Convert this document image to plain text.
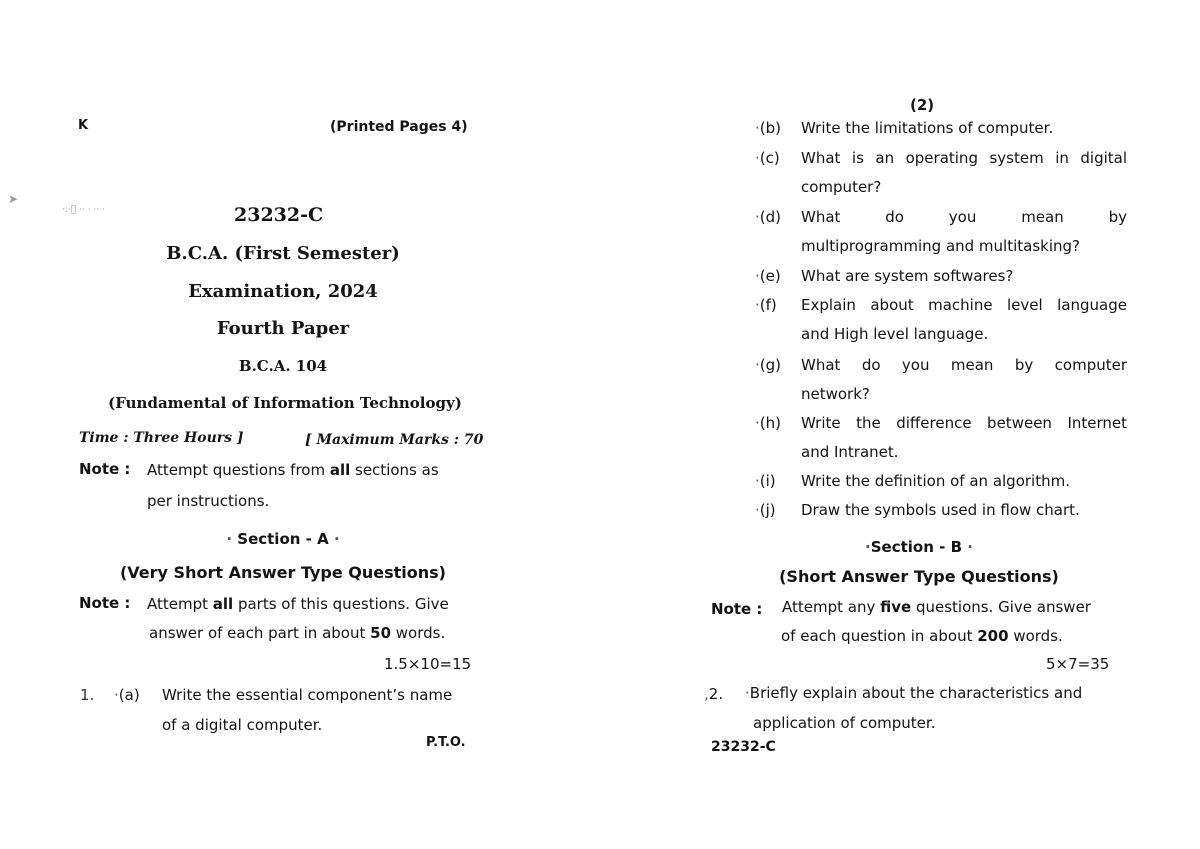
K	(Printed Pages 4)
➤
·:·ﾞ ·· · ·· ·	23232-C
B.C.A. (First Semester)
Examination, 2024
Fourth Paper
B.C.A. 104
(Fundamental of Information Technology)
Time : Three Hours ]	[ Maximum Marks : 70
Note : Attempt questions from all sections as
per instructions.
· Section - A ·
(Very Short Answer Type Questions)
Note : Attempt all parts of this questions. Give
answer of each part in about 50 words.
1.5×10=15
1. ·(a) Write the essential component’s name
of a digital computer.
P.T.O.
(2)
·(b) Write the limitations of computer.
·(c) What is an operating system in digital
computer?
·(d) What do you mean by
multiprogramming and multitasking?
·(e) What are system softwares?
·(f) Explain about machine level language
and High level language.
·(g) What do you mean by computer
network?
·(h) Write the difference between Internet
and Intranet.
·(i) Write the definition of an algorithm.
·(j) Draw the symbols used in flow chart.
·Section - B ·
(Short Answer Type Questions)
Note : Attempt any five questions. Give answer
of each question in about 200 words.
5×7=35
,2. ·Briefly explain about the characteristics and
application of computer.
23232-C
